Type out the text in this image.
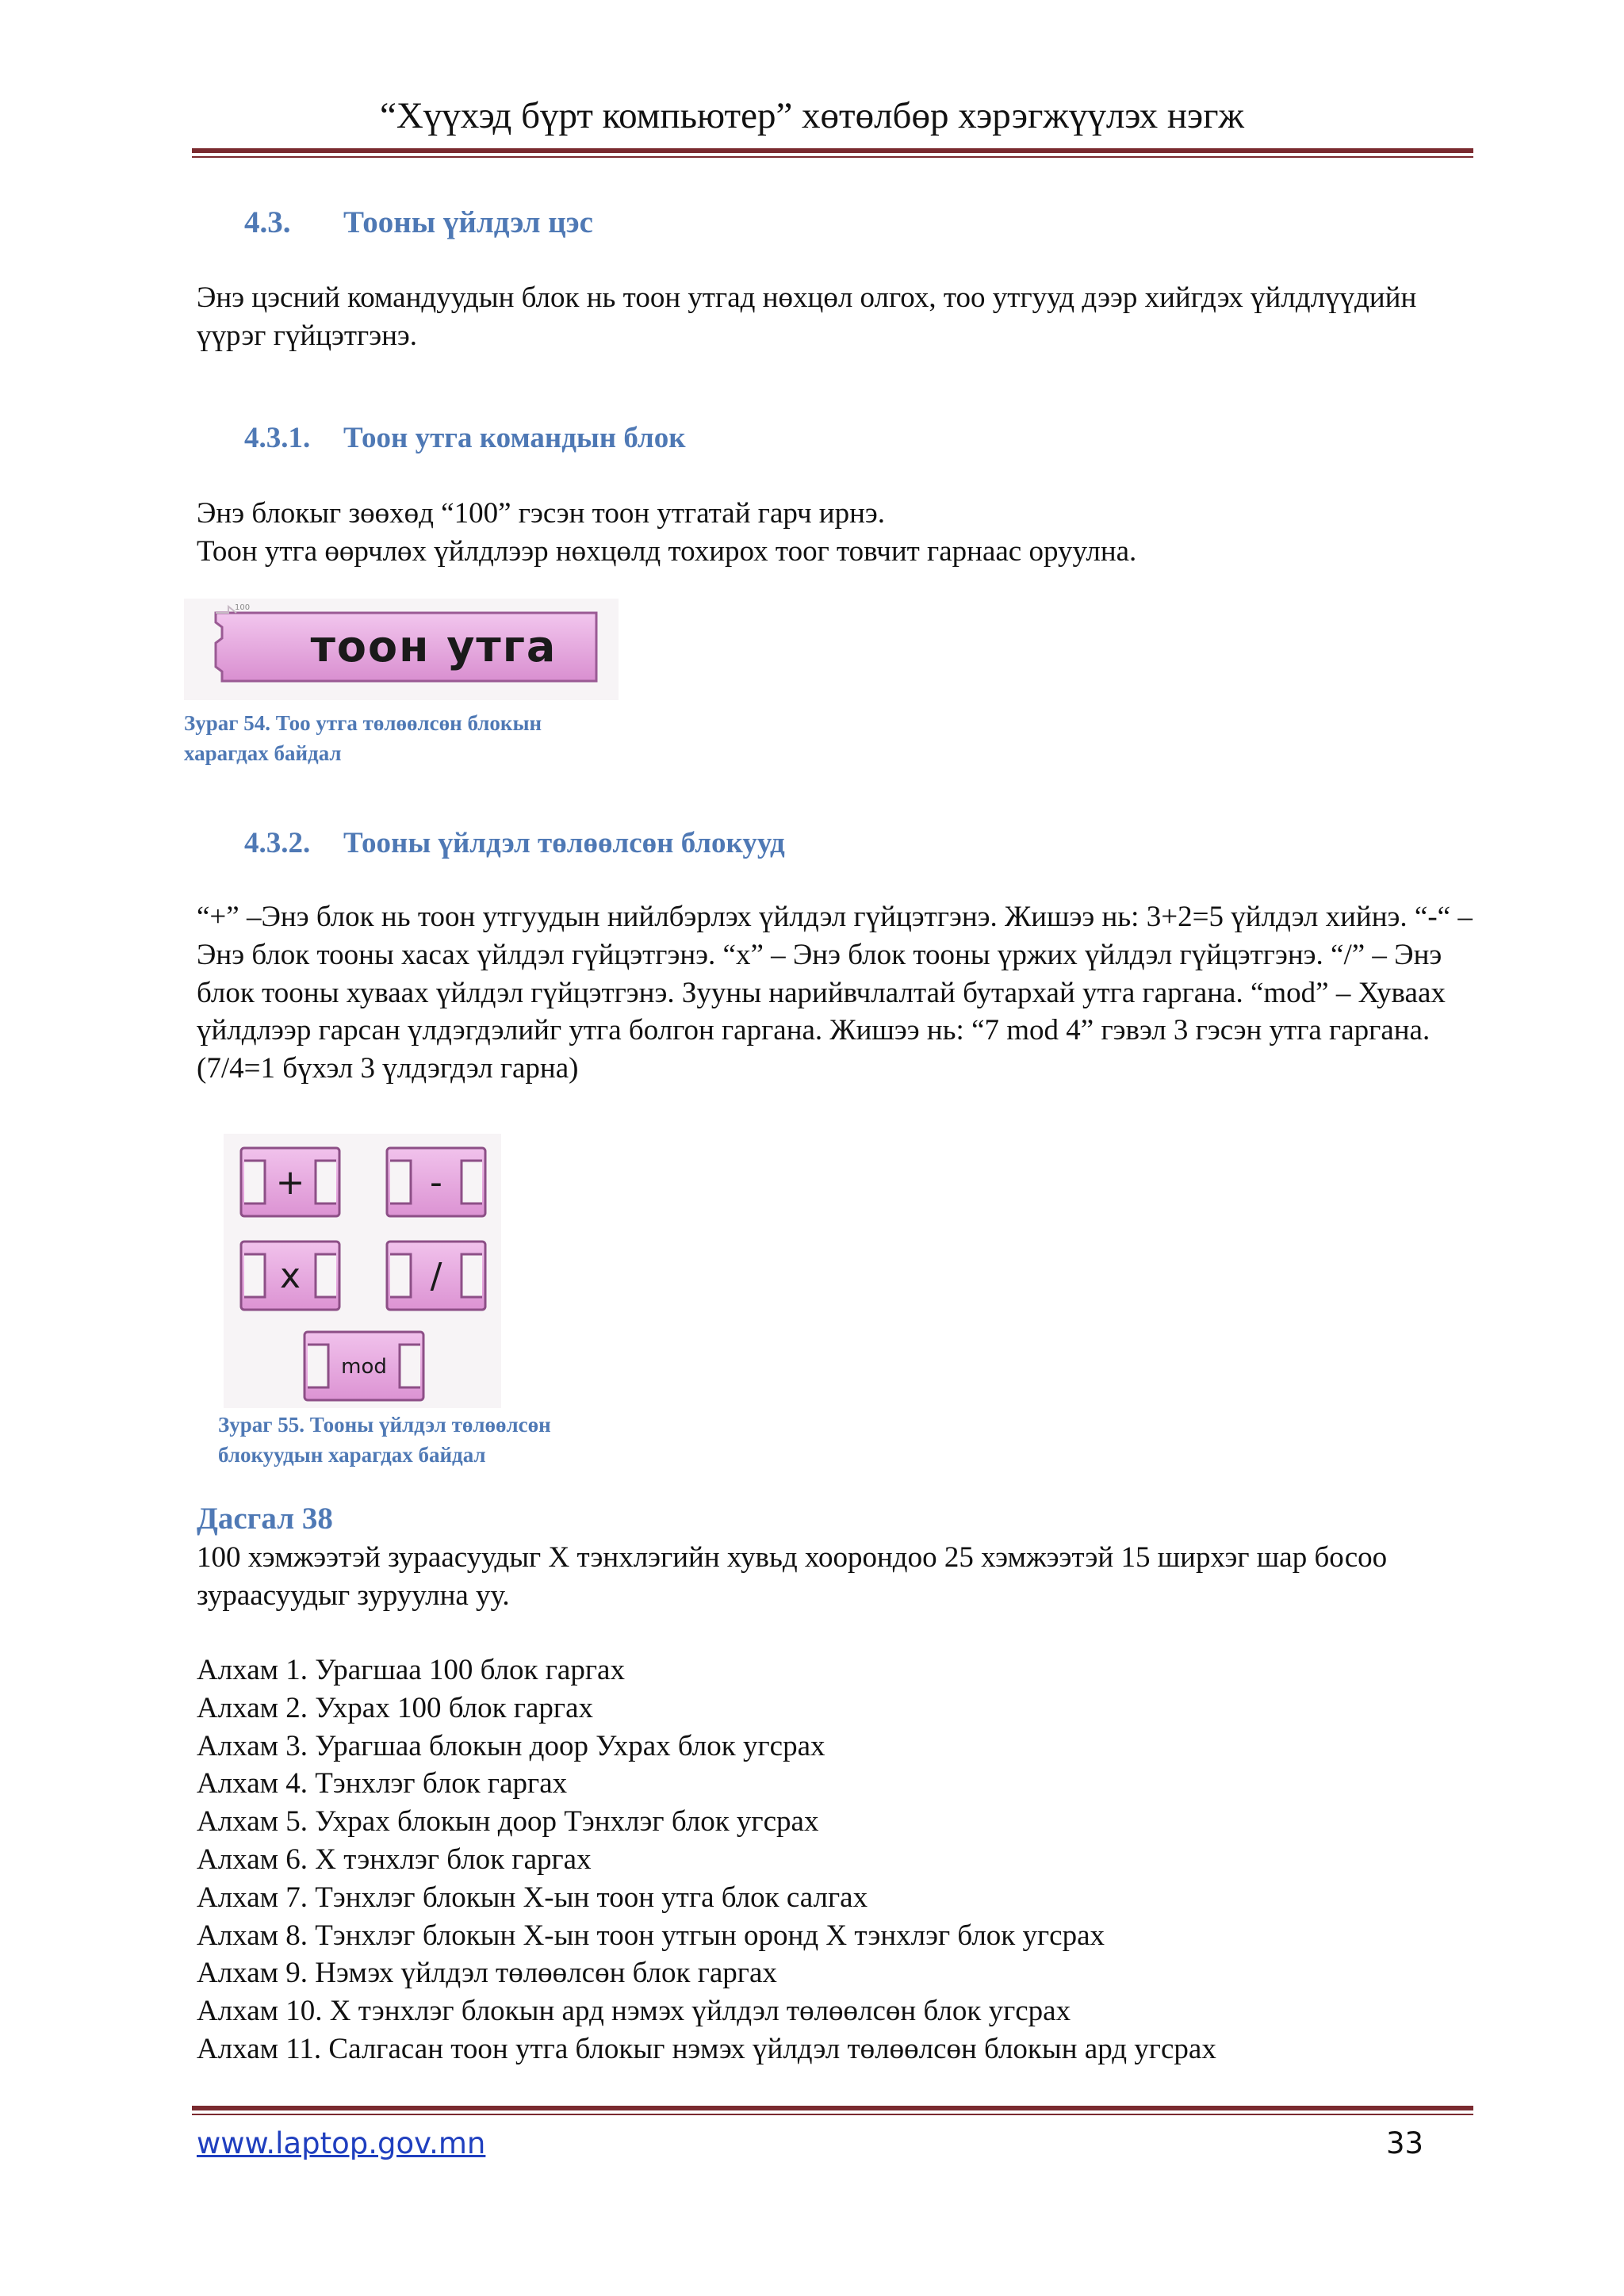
“Хүүхэд бүрт компьютер” хөтөлбөр хэрэгжүүлэх нэгж
4.3. Тооны үйлдэл цэс
Энэ цэсний командуудын блок нь тоон утгад нөхцөл олгох, тоо утгууд дээр хийгдэх үйлдлүүдийн үүрэг гүйцэтгэнэ.
4.3.1. Тоон утга командын блок

Энэ блокыг зөөхөд “100” гэсэн тоон утгатай гарч ирнэ.

Тоон утга өөрчлөх үйлдлээр нөхцөлд тохирох тоог товчит гарнаас оруулна.

100
тоон утга
Зураг 54. Тоо утга төлөөлсөн блокын
харагдах байдал
4.3.2. Тооны үйлдэл төлөөлсөн блокууд
“+” –Энэ блок нь тоон утгуудын нийлбэрлэх үйлдэл гүйцэтгэнэ. Жишээ нь: 3+2=5 үйлдэл хийнэ. “-“ – Энэ блок тооны хасах үйлдэл гүйцэтгэнэ. “x” – Энэ блок тооны үржих үйлдэл гүйцэтгэнэ. “/” – Энэ блок тооны хуваах үйлдэл гүйцэтгэнэ. Зууны нарийвчлалтай бутархай утга гаргана. “mod” – Хуваах үйлдлээр гарсан үлдэгдэлийг утга болгон гаргана. Жишээ нь: “7 mod 4” гэвэл 3 гэсэн утга гаргана. (7/4=1 бүхэл 3 үлдэгдэл гарна)
+	-
x	/
mod
Зураг 55. Тооны үйлдэл төлөөлсөн
блокуудын харагдах байдал
Дасгал 38
100 хэмжээтэй зураасуудыг X тэнхлэгийн хувьд хоорондоо 25 хэмжээтэй 15 ширхэг шар босоо зураасуудыг зуруулна уу.
Алхам 1. Урагшаа 100 блок гаргах
Алхам 2. Ухрах 100 блок гаргах
Алхам 3. Урагшаа блокын доор Ухрах блок угсрах
Алхам 4. Тэнхлэг блок гаргах
Алхам 5. Ухрах блокын доор Тэнхлэг блок угсрах
Алхам 6. X тэнхлэг блок гаргах
Алхам 7. Тэнхлэг блокын X-ын тоон утга блок салгах
Алхам 8. Тэнхлэг блокын X-ын тоон утгын оронд X тэнхлэг блок угсрах
Алхам 9. Нэмэх үйлдэл төлөөлсөн блок гаргах
Алхам 10. X тэнхлэг блокын ард нэмэх үйлдэл төлөөлсөн блок угсрах
Алхам 11. Салгасан тоон утга блокыг нэмэх үйлдэл төлөөлсөн блокын ард угсрах
www.laptop.gov.mn	33
